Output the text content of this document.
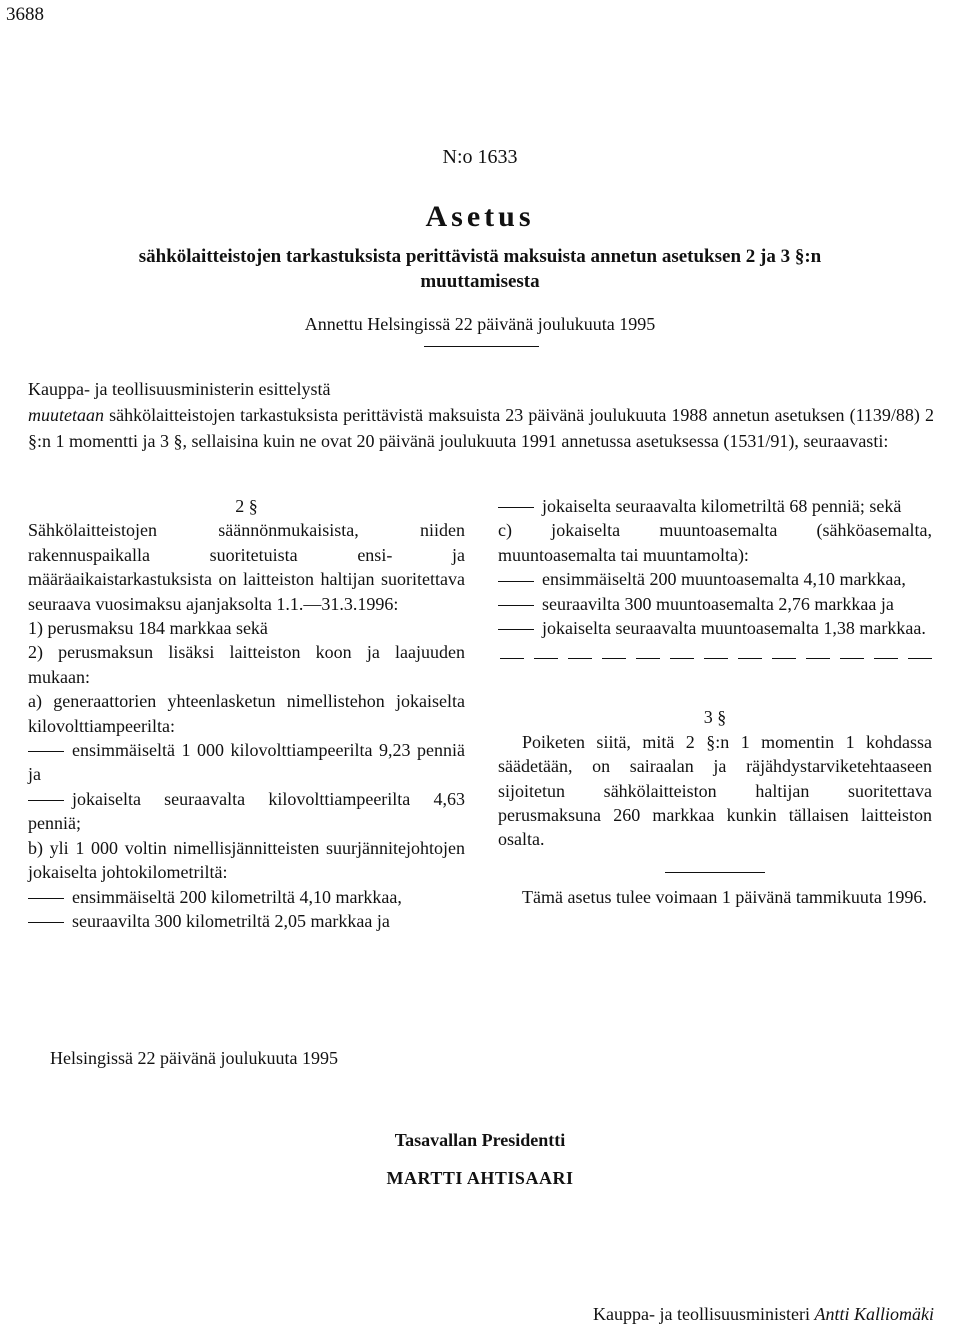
3688
N:o 1633
Asetus
sähkölaitteistojen tarkastuksista perittävistä maksuista annetun asetuksen 2 ja 3 §:n
muuttamisesta
Annettu Helsingissä 22 päivänä joulukuuta 1995

Kauppa- ja teollisuusministerin esittelystä

muutetaan sähkölaitteistojen tarkastuksista perittävistä maksuista 23 päivänä joulukuuta 1988 annetun asetuksen (1139/88) 2 §:n 1 momentti ja 3 §, sellaisina kuin ne ovat 20 päivänä joulukuuta 1991 annetussa asetuksessa (1531/91), seuraavasti:

2 §

Sähkölaitteistojen säännönmukaisista, niiden rakennuspaikalla suoritetuista ensi- ja määräaikaistarkastuksista on laitteiston haltijan suoritettava seuraava vuosimaksu ajanjaksolta 1.1.—31.3.1996:

1) perusmaksu 184 markkaa sekä

2) perusmaksun lisäksi laitteiston koon ja laajuuden mukaan:

a) generaattorien yhteenlasketun nimellistehon jokaiselta kilovolttiampeerilta:

ensimmäiseltä 1 000 kilovolttiampeerilta 9,23 penniä ja

jokaiselta seuraavalta kilovolttiampeerilta 4,63 penniä;

b) yli 1 000 voltin nimellisjännitteisten suurjännitejohtojen jokaiselta johtokilometriltä:

ensimmäiseltä 200 kilometriltä 4,10 markkaa,

seuraavilta 300 kilometriltä 2,05 markkaa ja

jokaiselta seuraavalta kilometriltä 68 penniä; sekä

c) jokaiselta muuntoasemalta (sähköasemalta, muuntoasemalta tai muuntamolta):

ensimmäiseltä 200 muuntoasemalta 4,10 markkaa,

seuraavilta 300 muuntoasemalta 2,76 markkaa ja

jokaiselta seuraavalta muuntoasemalta 1,38 markkaa.

3 §

Poiketen siitä, mitä 2 §:n 1 momentin 1 kohdassa säädetään, on sairaalan ja räjähdystarviketehtaaseen sijoitetun sähkölaitteiston haltijan suoritettava perusmaksuna 260 markkaa kunkin tällaisen laitteiston osalta.

Tämä asetus tulee voimaan 1 päivänä tammikuuta 1996.

Helsingissä 22 päivänä joulukuuta 1995
Tasavallan Presidentti
MARTTI AHTISAARI
Kauppa- ja teollisuusministeri Antti Kalliomäki
